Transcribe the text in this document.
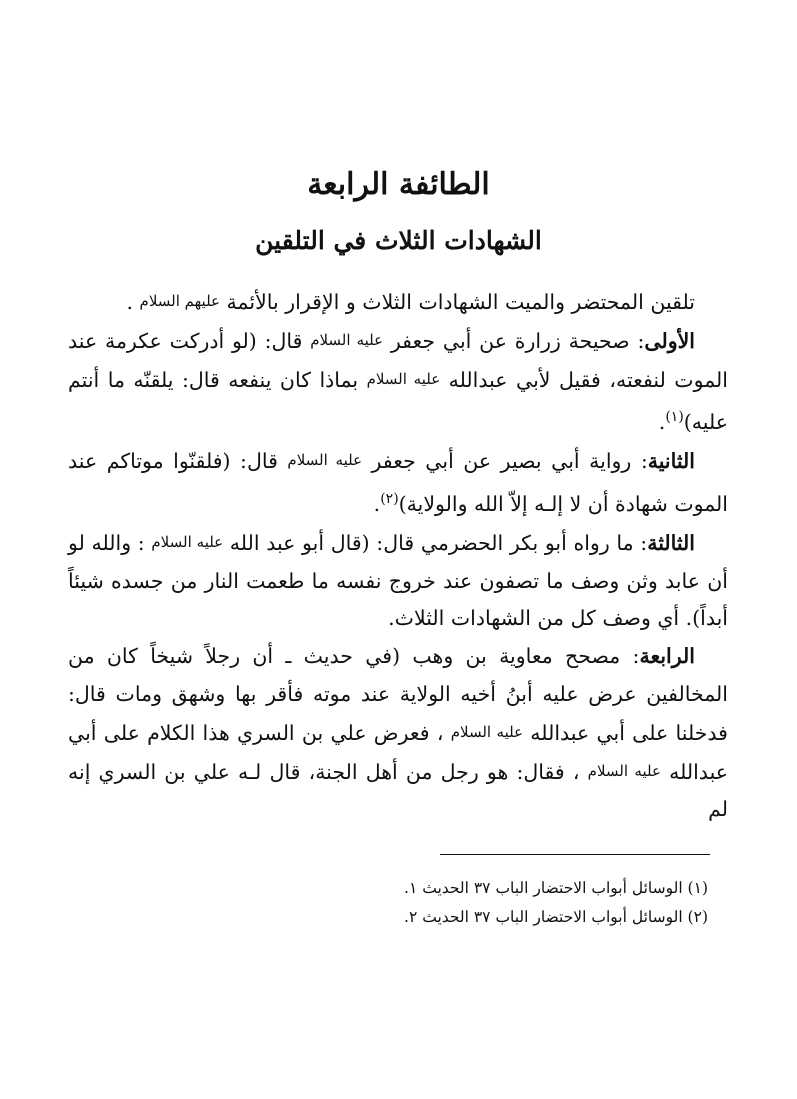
الطائفة الرابعة
الشهادات الثلاث في التلقين

تلقين المحتضر والميت الشهادات الثلاث و الإقرار بالأئمة عليهم السلام .

الأولى: صحيحة زرارة عن أبي جعفر عليه السلام قال: (لو أدركت عكرمة عند الموت لنفعته، فقيل لأبي عبدالله عليه السلام بماذا كان ينفعه قال: يلقنّه ما أنتم عليه)$^{(١)}$.

الثانية: رواية أبي بصير عن أبي جعفر عليه السلام قال: (فلقنّوا موتاكم عند الموت شهادة أن لا إلـه إلاّ الله والولاية)$^{(٢)}$.

الثالثة: ما رواه أبو بكر الحضرمي قال: (قال أبو عبد الله عليه السلام : والله لو أن عابد وثن وصف ما تصفون عند خروج نفسه ما طعمت النار من جسده شيئاً أبداً). أي وصف كل من الشهادات الثلاث.

الرابعة: مصحح معاوية بن وهب (في حديث ـ أن رجلاً شيخاً كان من المخالفين عرض عليه أبنُ أخيه الولاية عند موته فأقر بها وشهق ومات قال: فدخلنا على أبي عبدالله عليه السلام ، فعرض علي بن السري هذا الكلام على أبي عبدالله عليه السلام ، فقال: هو رجل من أهل الجنة، قال لـه علي بن السري إنه لم

(١) الوسائل أبواب الاحتضار الباب ٣٧ الحديث ١.

(٢) الوسائل أبواب الاحتضار الباب ٣٧ الحديث ٢.
